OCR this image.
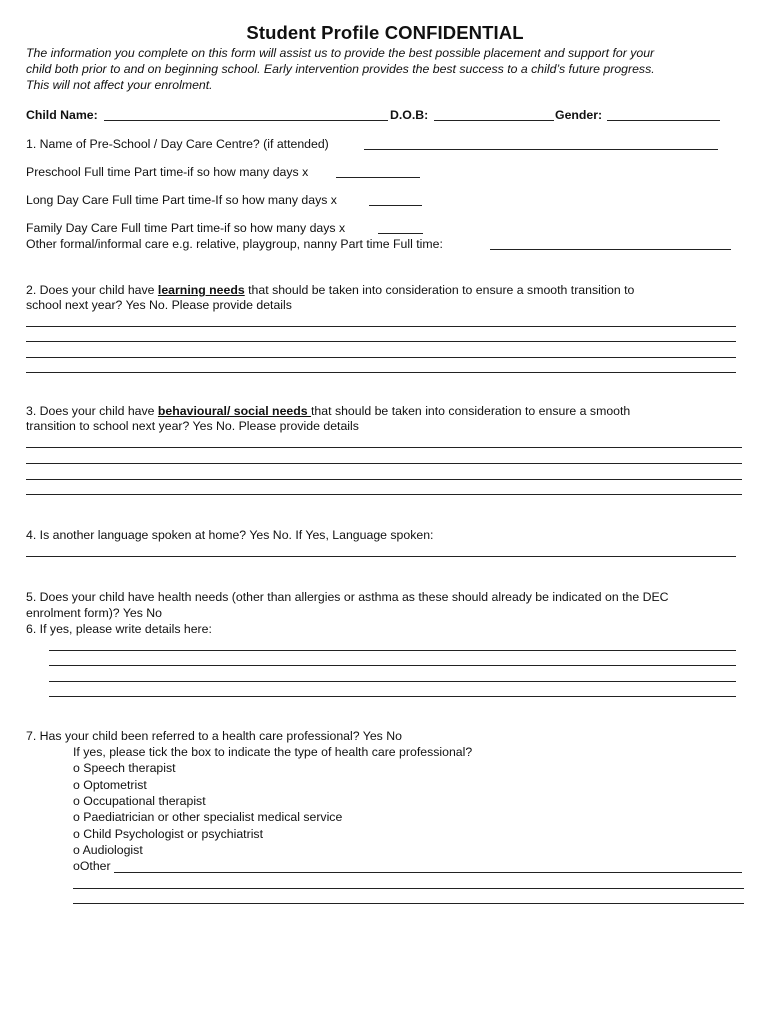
Student Profile CONFIDENTIAL
The information you complete on this form will assist us to provide the best possible placement and support for your
child both prior to and on beginning school. Early intervention provides the best success to a child’s future progress.
This will not affect your enrolment.
Child Name:	D.O.B:	Gender:
1. Name of Pre-School / Day Care Centre? (if attended)
Preschool Full time Part time-if so how many days x
Long Day Care Full time Part time-If so how many days x
Family Day Care Full time Part time-if so how many days x
Other formal/informal care e.g. relative, playgroup, nanny Part time Full time:
2. Does your child have learning needs that should be taken into consideration to ensure a smooth transition to
school next year? Yes No. Please provide details
3. Does your child have behavioural/ social needs that should be taken into consideration to ensure a smooth
transition to school next year? Yes No. Please provide details
4. Is another language spoken at home? Yes No. If Yes, Language spoken:
5. Does your child have health needs (other than allergies or asthma as these should already be indicated on the DEC
enrolment form)? Yes No
6. If yes, please write details here:
7. Has your child been referred to a health care professional? Yes No
If yes, please tick the box to indicate the type of health care professional?
o Speech therapist
o Optometrist
o Occupational therapist
o Paediatrician or other specialist medical service
o Child Psychologist or psychiatrist
o Audiologist
oOther
